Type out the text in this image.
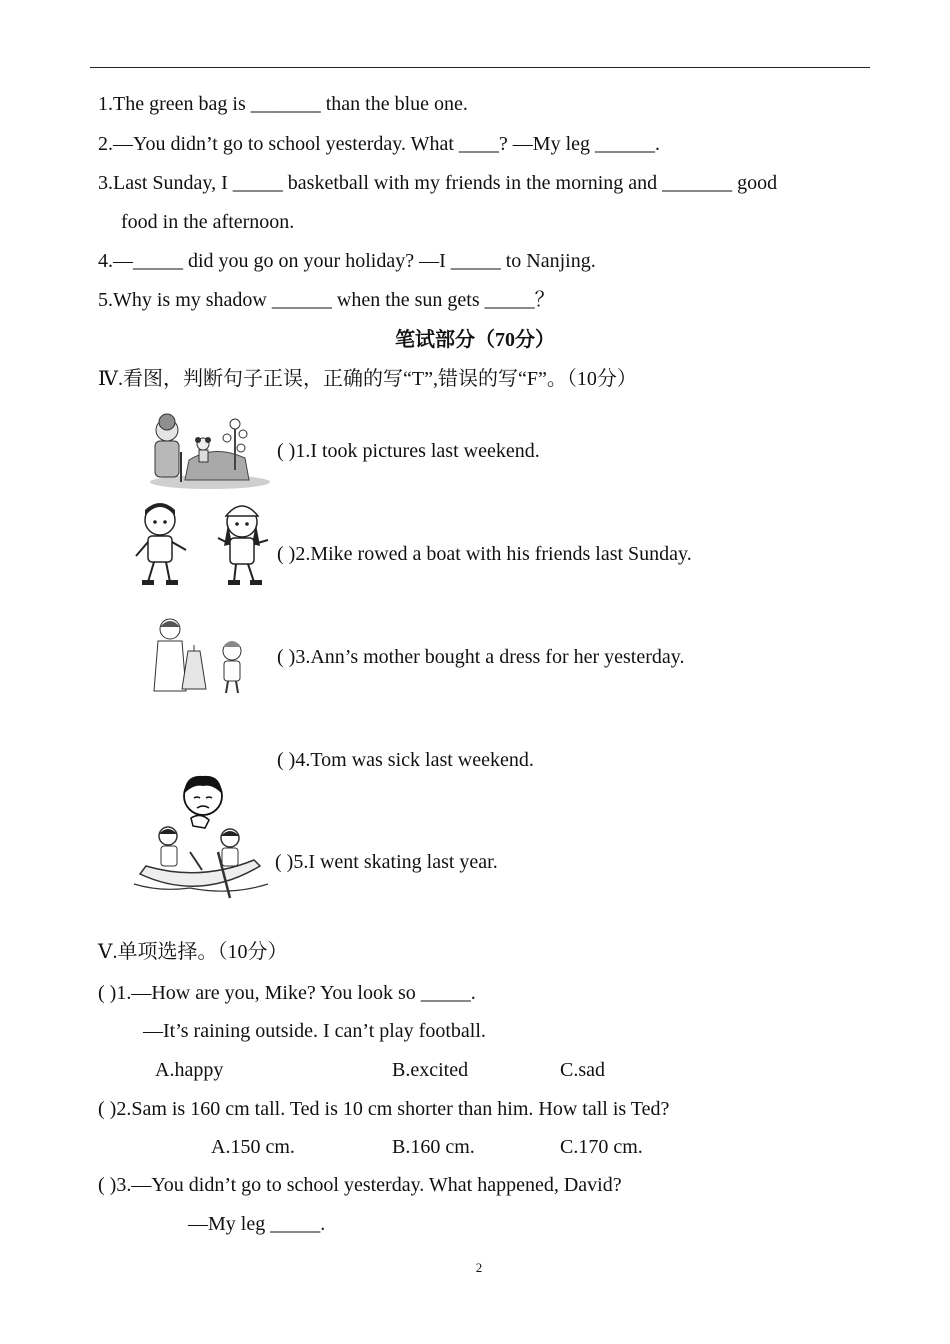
1.The green bag is _______ than the blue one.
2.—You didn’t go to school yesterday. What ____? —My leg ______.
3.Last Sunday, I _____ basketball with my friends in the morning and _______ good
food in the afternoon.
4.—_____ did you go on your holiday? —I _____ to Nanjing.
5.Why is my shadow ______ when the sun gets _____？
笔试部分（70分）
Ⅳ.看图，判断句子正误，正确的写“T”,错误的写“F”。（10分）
( )1.I took pictures last weekend.
( )2.Mike rowed a boat with his friends last Sunday.
( )3.Ann’s mother bought a dress for her yesterday.
( )4.Tom was sick last weekend.
( )5.I went skating last year.
Ⅴ.单项选择。（10分）
( )1.—How are you, Mike? You look so _____.
—It’s raining outside. I can’t play football.
A.happy	B.excited	C.sad
( )2.Sam is 160 cm tall. Ted is 10 cm shorter than him. How tall is Ted?
A.150 cm.	B.160 cm.	C.170 cm.
( )3.—You didn’t go to school yesterday. What happened, David?
—My leg _____.
2
